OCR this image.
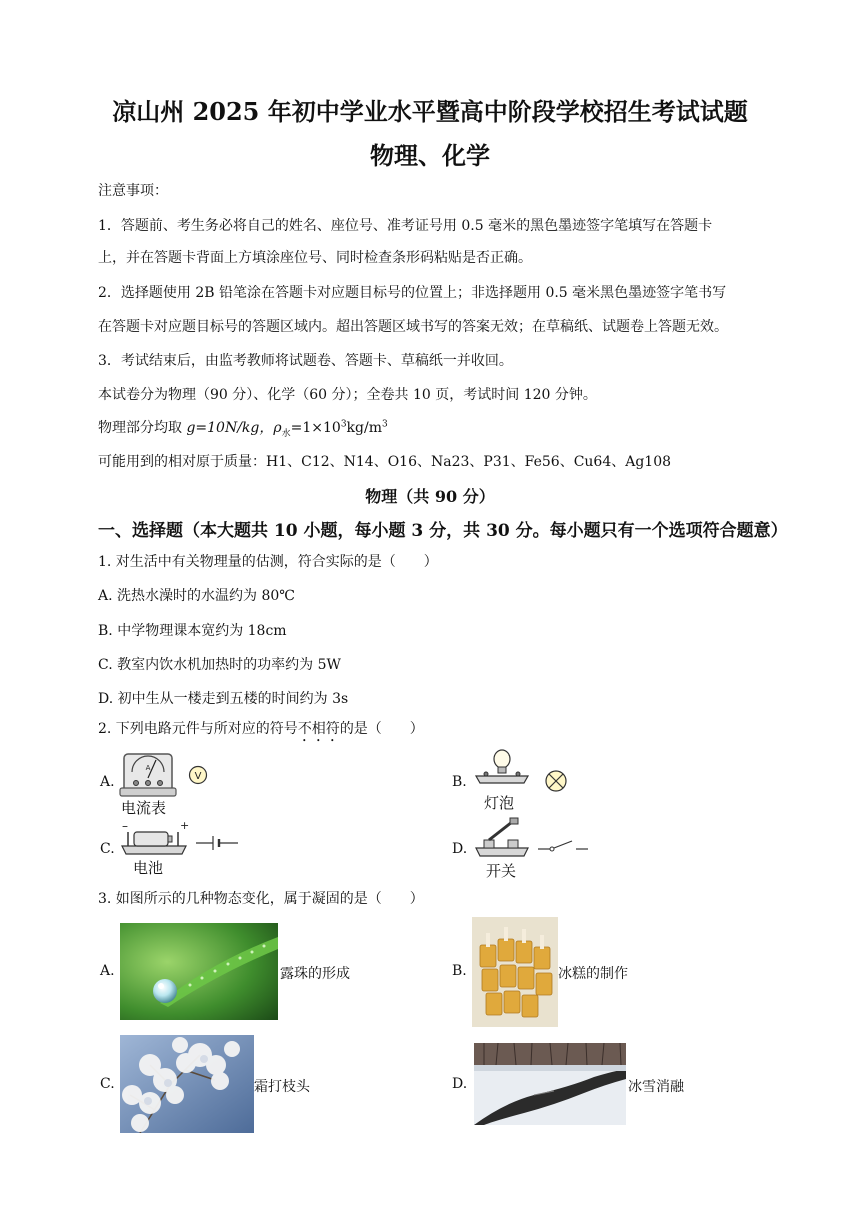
凉山州 2025 年初中学业水平暨高中阶段学校招生考试试题
物理、化学
注意事项：
1．答题前、考生务必将自己的姓名、座位号、准考证号用 0.5 毫米的黑色墨迹签字笔填写在答题卡
上，并在答题卡背面上方填涂座位号、同时检查条形码粘贴是否正确。
2．选择题使用 2B 铅笔涂在答题卡对应题目标号的位置上；非选择题用 0.5 毫米黑色墨迹签字笔书写
在答题卡对应题目标号的答题区域内。超出答题区域书写的答案无效；在草稿纸、试题卷上答题无效。
3．考试结束后，由监考教师将试题卷、答题卡、草稿纸一并收回。
本试卷分为物理（90 分）、化学（60 分）；全卷共 10 页，考试时间 120 分钟。
物理部分均取 g=10N/kg，$\rho_水=1\times 10^3kg/m^3$
可能用到的相对原于质量：H1、C12、N14、O16、Na23、P31、Fe56、Cu64、Ag108
物理（共 90 分）
一、选择题（本大题共 10 小题，每小题 3 分，共 30 分。每小题只有一个选项符合题意）
1. 对生活中有关物理量的估测，符合实际的是（　　）
A. 洗热水澡时的水温约为 80℃
B. 中学物理课本宽约为 18cm
C. 教室内饮水机加热时的功率约为 5W
D. 初中生从一楼走到五楼的时间约为 3s
2. 下列电路元件与所对应的符号不相符的是（　　）
A.
A
电流表
V	B.
灯泡
C.
–	+
电池
D.
开关
3. 如图所示的几种物态变化，属于凝固的是（　　）
A.	露珠的形成	B.	冰糕的制作
C.	霜打枝头	D.	冰雪消融
